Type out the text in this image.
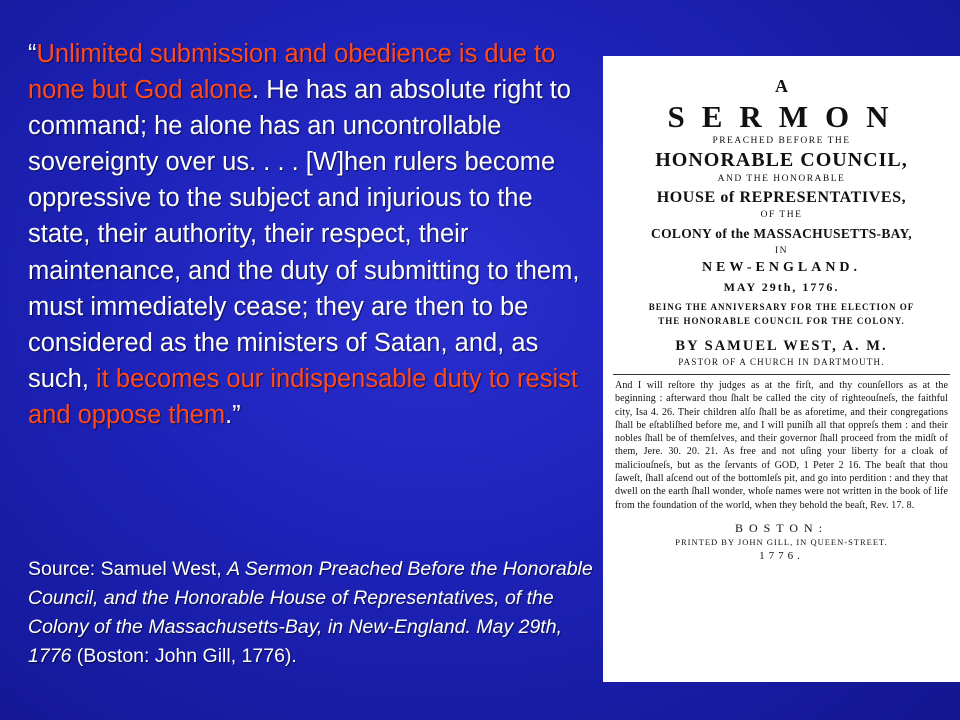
“Unlimited submission and obedience is due to none but God alone. He has an absolute right to command; he alone has an uncontrollable sovereignty over us. . . . [W]hen rulers become oppressive to the subject and injurious to the state, their authority, their respect, their maintenance, and the duty of submitting to them, must immediately cease; they are then to be considered as the ministers of Satan, and, as such, it becomes our indispensable duty to resist and oppose them.”
Source: Samuel West, A Sermon Preached Before the Honorable Council, and the Honorable House of Representatives, of the Colony of the Massachusetts-Bay, in New-England. May 29th, 1776 (Boston: John Gill, 1776).
A
SERMON
PREACHED BEFORE THE
HONORABLE COUNCIL,
AND THE HONORABLE
HOUSE of REPRESENTATIVES,
OF THE
COLONY of the MASSACHUSETTS-BAY,
IN
NEW-ENGLAND.
MAY 29th, 1776.
BEING THE ANNIVERSARY FOR THE ELECTION OF
THE HONORABLE COUNCIL FOR THE COLONY.
BY SAMUEL WEST, A. M.
PASTOR OF A CHURCH IN DARTMOUTH.
And I will reſtore thy judges as at the firſt, and thy counſellors as at the beginning : afterward thou ſhalt be called the city of righteouſneſs, the faithful city, Isa 4. 26. Their children alſo ſhall be as aforetime, and their congregations ſhall be eſtabliſhed before me, and I will puniſh all that oppreſs them : and their nobles ſhall be of themſelves, and their governor ſhall proceed from the midſt of them, Jere. 30. 20. 21. As free and not uſing your liberty for a cloak of maliciouſneſs, but as the ſervants of GOD, 1 Peter 2 16. The beaſt that thou ſaweſt, ſhall aſcend out of the bottomleſs pit, and go into perdition : and they that dwell on the earth ſhall wonder, whoſe names were not written in the book of life from the foundation of the world, when they behold the beaſt, Rev. 17. 8.
BOSTON:
PRINTED BY JOHN GILL, IN QUEEN-STREET.
1776.
